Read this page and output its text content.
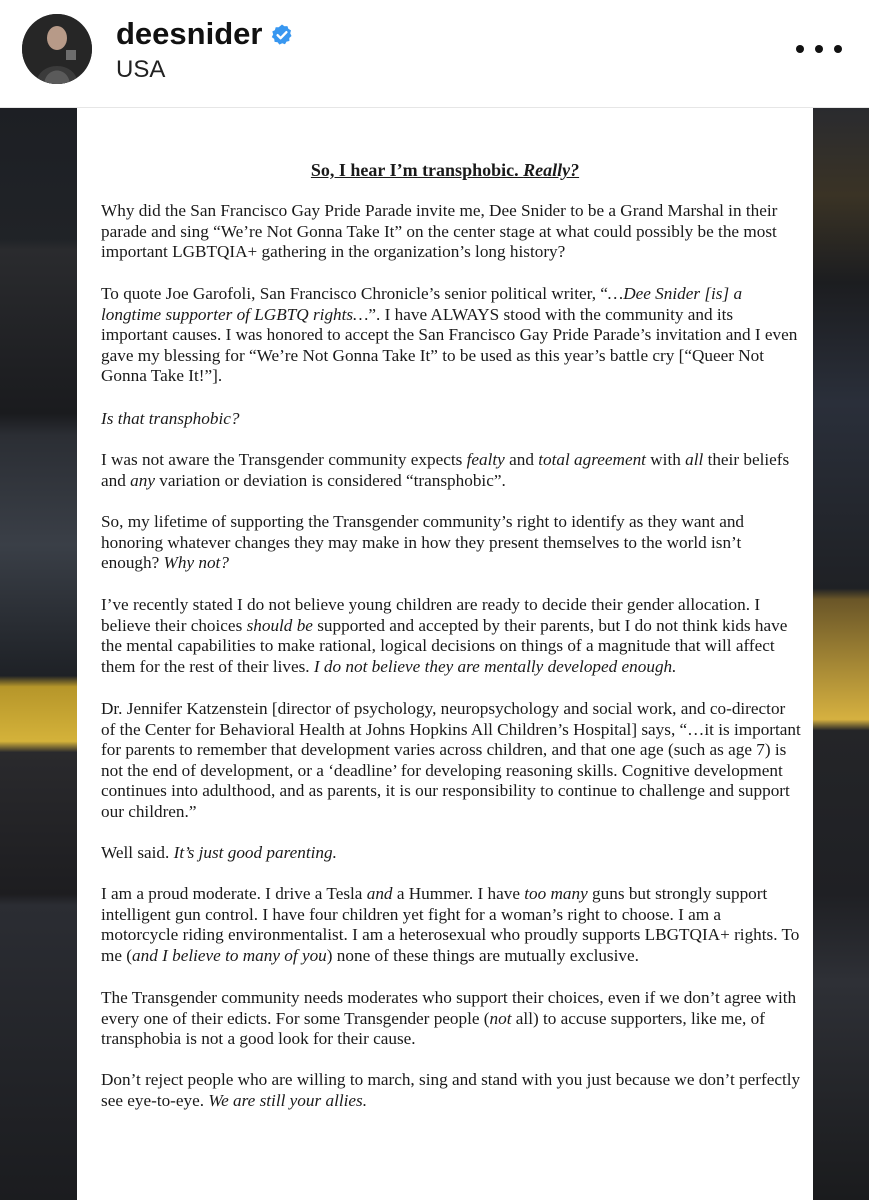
deesnider
USA
So, I hear I’m transphobic. Really?

Why did the San Francisco Gay Pride Parade invite me, Dee Snider to be a Grand Marshal in their parade and sing “We’re Not Gonna Take It” on the center stage at what could possibly be the most important LGBTQIA+ gathering in the organization’s long history?

To quote Joe Garofoli, San Francisco Chronicle’s senior political writer, “…Dee Snider [is] a longtime supporter of LGBTQ rights…”. I have ALWAYS stood with the community and its important causes. I was honored to accept the San Francisco Gay Pride Parade’s invitation and I even gave my blessing for “We’re Not Gonna Take It” to be used as this year’s battle cry [“Queer Not Gonna Take It!”].

Is that transphobic?

I was not aware the Transgender community expects fealty and total agreement with all their beliefs and any variation or deviation is considered “transphobic”.

So, my lifetime of supporting the Transgender community’s right to identify as they want and honoring whatever changes they may make in how they present themselves to the world isn’t enough? Why not?

I’ve recently stated I do not believe young children are ready to decide their gender allocation. I believe their choices should be supported and accepted by their parents, but I do not think kids have the mental capabilities to make rational, logical decisions on things of a magnitude that will affect them for the rest of their lives. I do not believe they are mentally developed enough.

Dr. Jennifer Katzenstein [director of psychology, neuropsychology and social work, and co-director of the Center for Behavioral Health at Johns Hopkins All Children’s Hospital] says, “…it is important for parents to remember that development varies across children, and that one age (such as age 7) is not the end of development, or a ‘deadline’ for developing reasoning skills. Cognitive development continues into adulthood, and as parents, it is our responsibility to continue to challenge and support our children.”

Well said. It’s just good parenting.

I am a proud moderate. I drive a Tesla and a Hummer. I have too many guns but strongly support intelligent gun control. I have four children yet fight for a woman’s right to choose. I am a motorcycle riding environmentalist. I am a heterosexual who proudly supports LBGTQIA+ rights. To me (and I believe to many of you) none of these things are mutually exclusive.

The Transgender community needs moderates who support their choices, even if we don’t agree with every one of their edicts. For some Transgender people (not all) to accuse supporters, like me, of transphobia is not a good look for their cause.

Don’t reject people who are willing to march, sing and stand with you just because we don’t perfectly see eye-to-eye. We are still your allies.
